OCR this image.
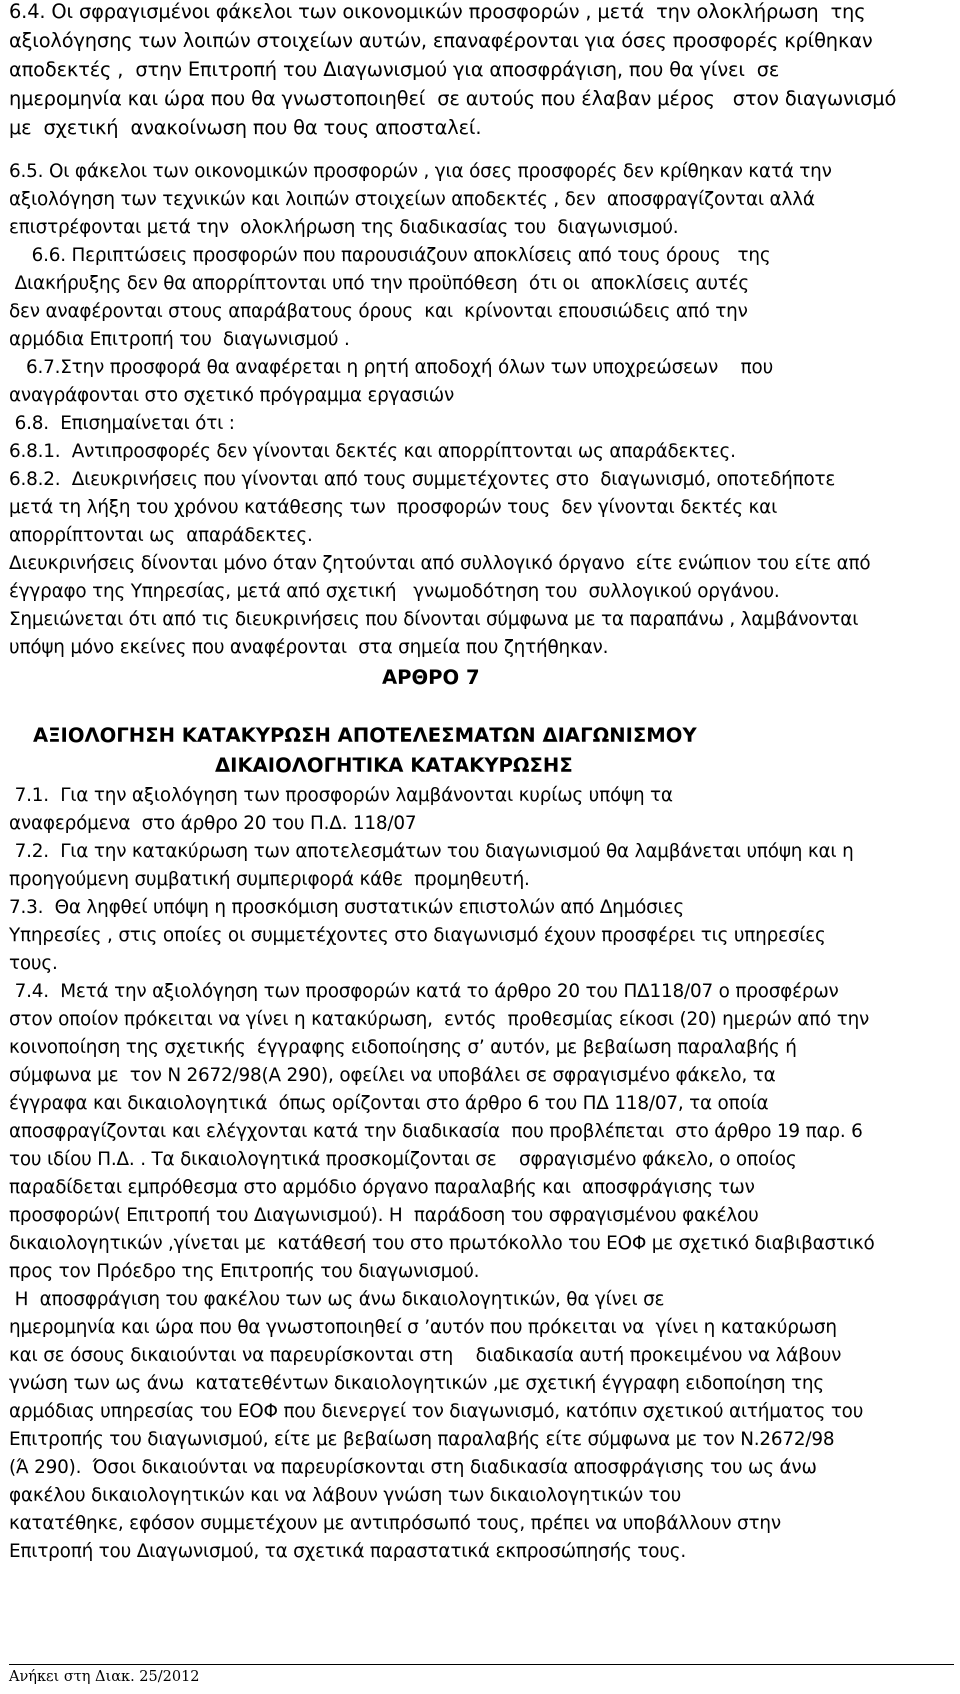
6.4. Οι σφραγισμένοι φάκελοι των οικονομικών προσφορών , μετά  την ολοκλήρωση  της
αξιολόγησης των λοιπών στοιχείων αυτών, επαναφέρονται για όσες προσφορές κρίθηκαν
αποδεκτές ,  στην Επιτροπή του Διαγωνισμού για αποσφράγιση, που θα γίνει  σε
ημερομηνία και ώρα που θα γνωστοποιηθεί  σε αυτούς που έλαβαν μέρος   στον διαγωνισμό
με  σχετική  ανακοίνωση που θα τους αποσταλεί.
6.5. Οι φάκελοι των οικονομικών προσφορών , για όσες προσφορές δεν κρίθηκαν κατά την
αξιολόγηση των τεχνικών και λοιπών στοιχείων αποδεκτές , δεν  αποσφραγίζονται αλλά
επιστρέφονται μετά την  ολοκλήρωση της διαδικασίας του  διαγωνισμού.
6.6. Περιπτώσεις προσφορών που παρουσιάζουν αποκλίσεις από τους όρους   της
Διακήρυξης δεν θα απορρίπτονται υπό την προϋπόθεση  ότι οι  αποκλίσεις αυτές
δεν αναφέρονται στους απαράβατους όρους  και  κρίνονται επουσιώδεις από την
αρμόδια Επιτροπή του  διαγωνισμού .
6.7.Στην προσφορά θα αναφέρεται η ρητή αποδοχή όλων των υποχρεώσεων    που
αναγράφονται στο σχετικό πρόγραμμα εργασιών
6.8.  Επισημαίνεται ότι :
6.8.1.  Αντιπροσφορές δεν γίνονται δεκτές και απορρίπτονται ως απαράδεκτες.
6.8.2.  Διευκρινήσεις που γίνονται από τους συμμετέχοντες στο  διαγωνισμό, οποτεδήποτε
μετά τη λήξη του χρόνου κατάθεσης των  προσφορών τους  δεν γίνονται δεκτές και
απορρίπτονται ως  απαράδεκτες.
Διευκρινήσεις δίνονται μόνο όταν ζητούνται από συλλογικό όργανο  είτε ενώπιον του είτε από
έγγραφο της Υπηρεσίας, μετά από σχετική   γνωμοδότηση του  συλλογικού οργάνου.
Σημειώνεται ότι από τις διευκρινήσεις που δίνονται σύμφωνα με τα παραπάνω , λαμβάνονται
υπόψη μόνο εκείνες που αναφέρονται  στα σημεία που ζητήθηκαν.
ΑΡΘΡΟ 7
ΑΞΙΟΛΟΓΗΣΗ ΚΑΤΑΚΥΡΩΣΗ ΑΠΟΤΕΛΕΣΜΑΤΩΝ ΔΙΑΓΩΝΙΣΜΟΥ
ΔΙΚΑΙΟΛΟΓΗΤΙΚΑ ΚΑΤΑΚΥΡΩΣΗΣ
7.1.  Για την αξιολόγηση των προσφορών λαμβάνονται κυρίως υπόψη τα
αναφερόμενα  στο άρθρο 20 του Π.Δ. 118/07
7.2.  Για την κατακύρωση των αποτελεσμάτων του διαγωνισμού θα λαμβάνεται υπόψη και η
προηγούμενη συμβατική συμπεριφορά κάθε  προμηθευτή.
7.3.  Θα ληφθεί υπόψη η προσκόμιση συστατικών επιστολών από Δημόσιες
Υπηρεσίες , στις οποίες οι συμμετέχοντες στο διαγωνισμό έχουν προσφέρει τις υπηρεσίες
τους.
7.4.  Μετά την αξιολόγηση των προσφορών κατά το άρθρο 20 του ΠΔ118/07 ο προσφέρων
στον οποίον πρόκειται να γίνει η κατακύρωση,  εντός  προθεσμίας είκοσι (20) ημερών από την
κοινοποίηση της σχετικής  έγγραφης ειδοποίησης σ’ αυτόν, με βεβαίωση παραλαβής ή
σύμφωνα με  τον Ν 2672/98(Α 290), οφείλει να υποβάλει σε σφραγισμένο φάκελο, τα
έγγραφα και δικαιολογητικά  όπως ορίζονται στο άρθρο 6 του ΠΔ 118/07, τα οποία
αποσφραγίζονται και ελέγχονται κατά την διαδικασία  που προβλέπεται  στο άρθρο 19 παρ. 6
του ιδίου Π.Δ. . Τα δικαιολογητικά προσκομίζονται σε    σφραγισμένο φάκελο, ο οποίος
παραδίδεται εμπρόθεσμα στο αρμόδιο όργανο παραλαβής και  αποσφράγισης των
προσφορών( Επιτροπή του Διαγωνισμού). Η  παράδοση του σφραγισμένου φακέλου
δικαιολογητικών ,γίνεται με  κατάθεσή του στο πρωτόκολλο του ΕΟΦ με σχετικό διαβιβαστικό
προς τον Πρόεδρο της Επιτροπής του διαγωνισμού.
Η  αποσφράγιση του φακέλου των ως άνω δικαιολογητικών, θα γίνει σε
ημερομηνία και ώρα που θα γνωστοποιηθεί σ ’αυτόν που πρόκειται να  γίνει η κατακύρωση
και σε όσους δικαιούνται να παρευρίσκονται στη    διαδικασία αυτή προκειμένου να λάβουν
γνώση των ως άνω  κατατεθέντων δικαιολογητικών ,με σχετική έγγραφη ειδοποίηση της
αρμόδιας υπηρεσίας του ΕΟΦ που διενεργεί τον διαγωνισμό, κατόπιν σχετικού αιτήματος του
Επιτροπής του διαγωνισμού, είτε με βεβαίωση παραλαβής είτε σύμφωνα με τον Ν.2672/98
(Ά 290).  Όσοι δικαιούνται να παρευρίσκονται στη διαδικασία αποσφράγισης του ως άνω
φακέλου δικαιολογητικών και να λάβουν γνώση των δικαιολογητικών του
κατατέθηκε, εφόσον συμμετέχουν με αντιπρόσωπό τους, πρέπει να υποβάλλουν στην
Επιτροπή του Διαγωνισμού, τα σχετικά παραστατικά εκπροσώπησής τους.
Ανήκει στη Διακ. 25/2012
